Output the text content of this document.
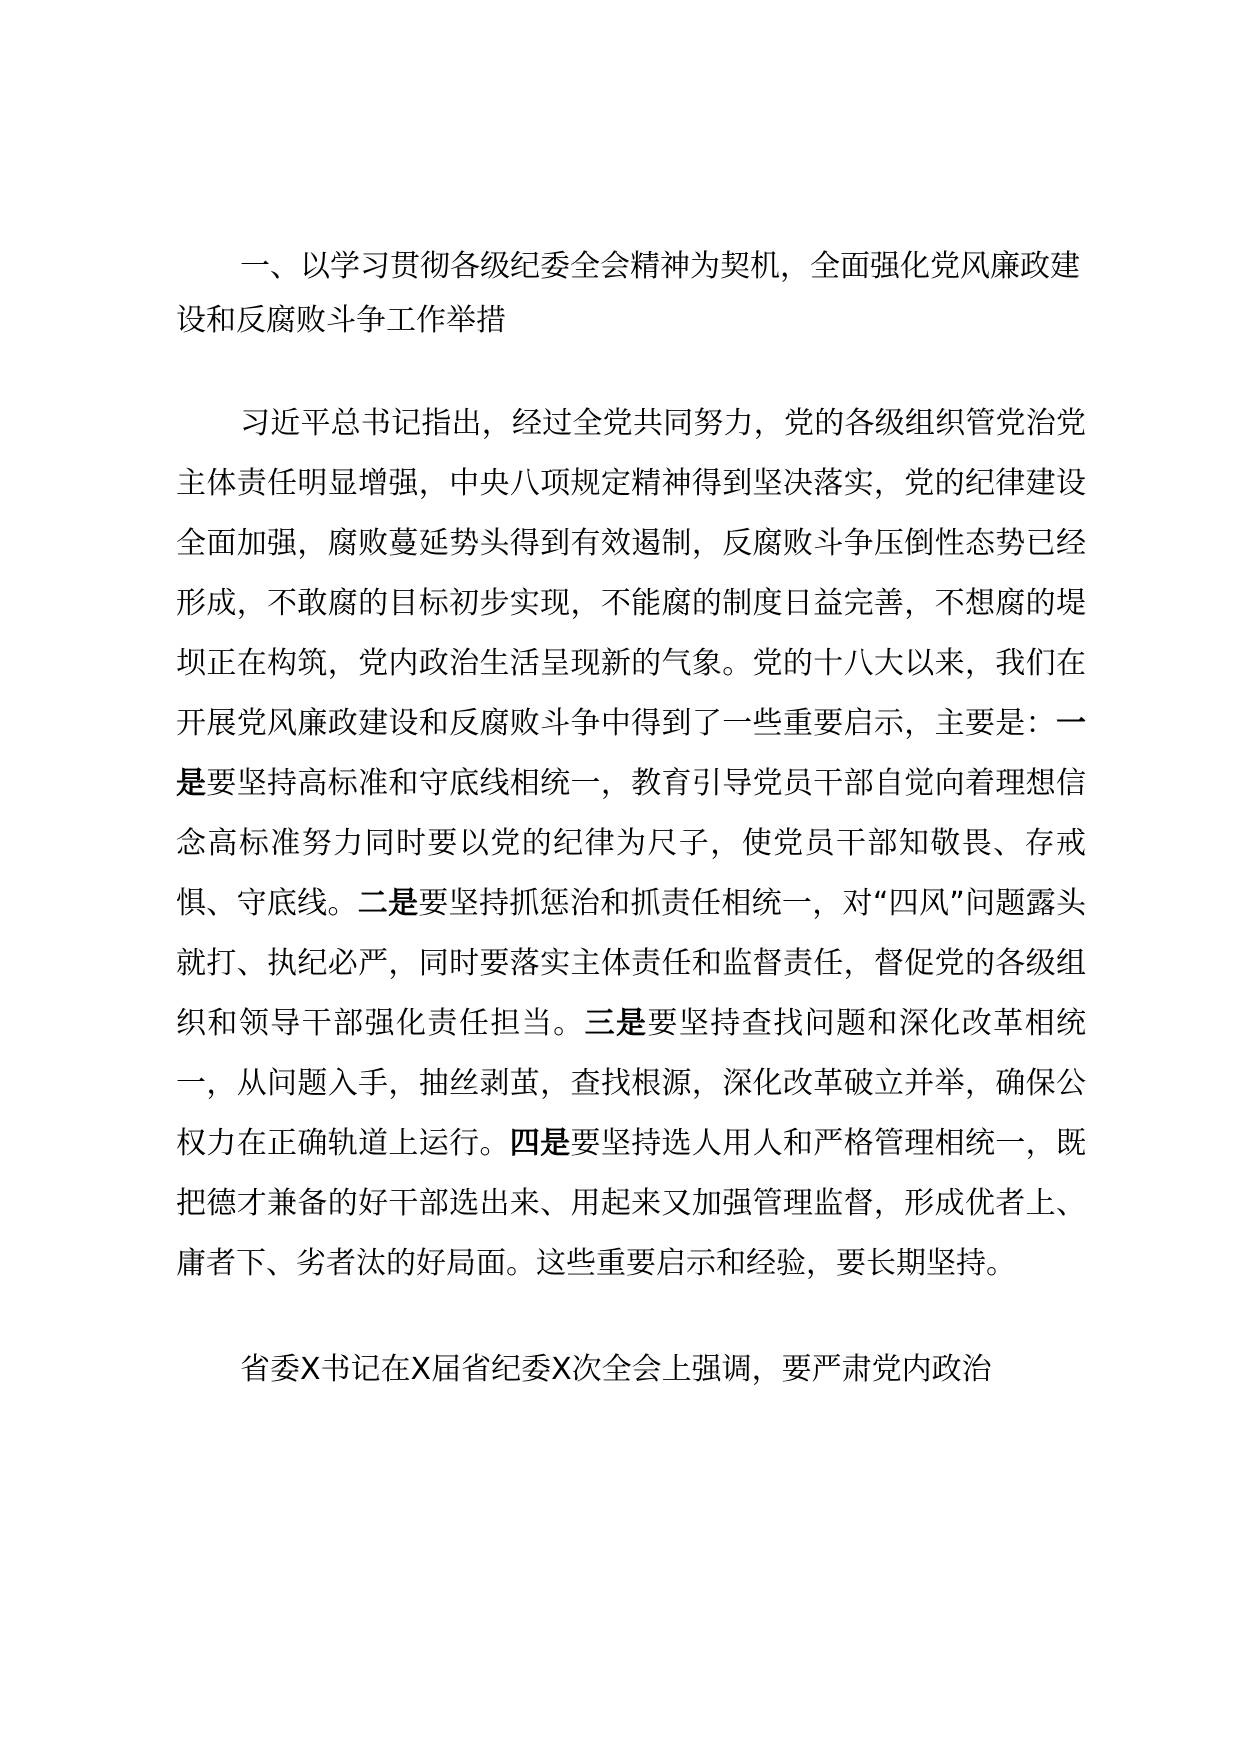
一、以学习贯彻各级纪委全会精神为契机，全面强化党风廉政建设和反腐败斗争工作举措

习近平总书记指出，经过全党共同努力，党的各级组织管党治党主体责任明显增强，中央八项规定精神得到坚决落实，党的纪律建设全面加强，腐败蔓延势头得到有效遏制，反腐败斗争压倒性态势已经形成，不敢腐的目标初步实现，不能腐的制度日益完善，不想腐的堤坝正在构筑，党内政治生活呈现新的气象。党的十八大以来，我们在开展党风廉政建设和反腐败斗争中得到了一些重要启示，主要是：一是要坚持高标准和守底线相统一，教育引导党员干部自觉向着理想信念高标准努力同时要以党的纪律为尺子，使党员干部知敬畏、存戒惧、守底线。二是要坚持抓惩治和抓责任相统一，对“四风”问题露头就打、执纪必严，同时要落实主体责任和监督责任，督促党的各级组织和领导干部强化责任担当。三是要坚持查找问题和深化改革相统一，从问题入手，抽丝剥茧，查找根源，深化改革破立并举，确保公权力在正确轨道上运行。四是要坚持选人用人和严格管理相统一，既把德才兼备的好干部选出来、用起来又加强管理监督，形成优者上、庸者下、劣者汰的好局面。这些重要启示和经验，要长期坚持。

省委X书记在X届省纪委X次全会上强调，要严肃党内政治
